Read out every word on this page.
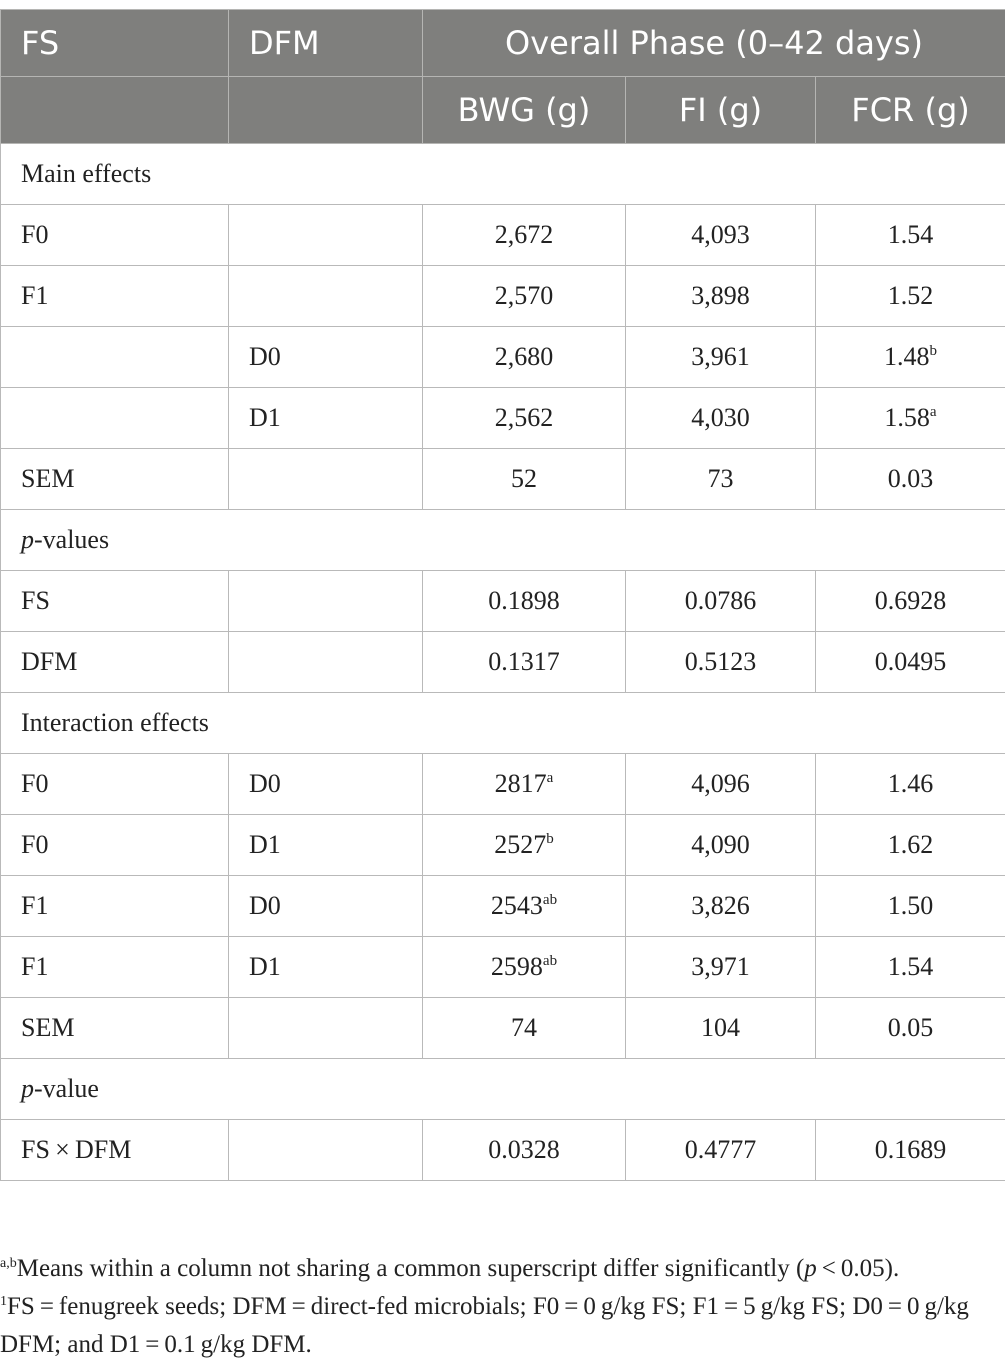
FS	DFM	Overall Phase (0–42 days)		
		BWG (g)	FI (g)	FCR (g)
Main effects				
F0		2,672	4,093	1.54
F1		2,570	3,898	1.52
	D0	2,680	3,961	1.48$^b$
	D1	2,562	4,030	1.58$^a$
SEM		52	73	0.03
p-values				
FS		0.1898	0.0786	0.6928
DFM		0.1317	0.5123	0.0495
Interaction effects				
F0	D0	2817$^a$	4,096	1.46
F0	D1	2527$^b$	4,090	1.62
F1	D0	$2543^{ab}$	3,826	1.50
F1	D1	$2598^{ab}$	3,971	1.54
SEM		74	104	0.05
p-value				
FS × DFM		0.0328	0.4777	0.1689

$^{a,b}$Means within a column not sharing a common superscript differ significantly (p < 0.05).

$^1$FS = fenugreek seeds; DFM = direct-fed microbials; F0 = 0 g/kg FS; F1 = 5 g/kg FS; D0 = 0 g/kg DFM; and D1 = 0.1 g/kg DFM.
